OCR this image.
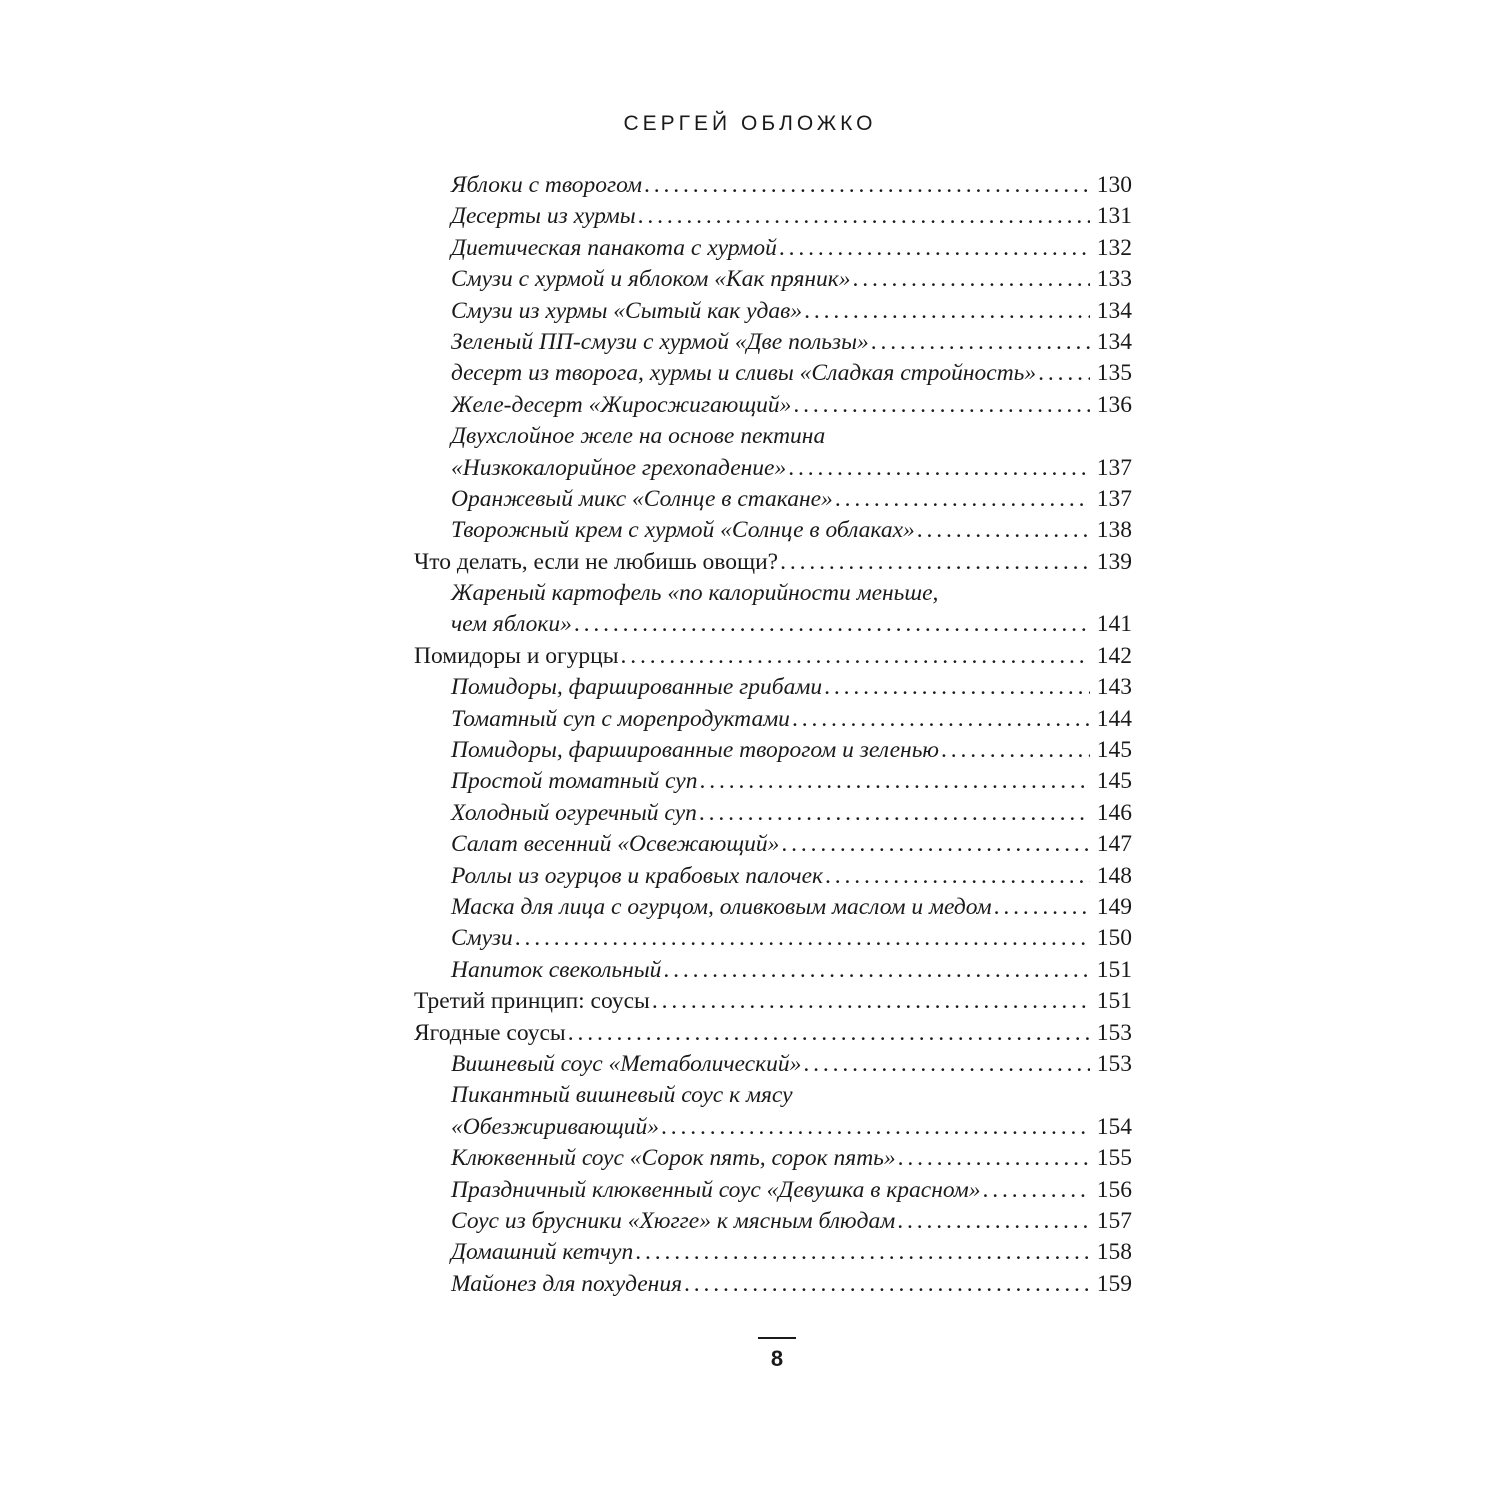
СЕРГЕЙ ОБЛОЖКО
Яблоки с творогом . . .	130
Десерты из хурмы . . .	131
Диетическая панакота с хурмой . . .	132
Смузи с хурмой и яблоком «Как пряник» . . .	133
Смузи из хурмы «Сытый как удав» . . .	134
Зеленый ПП-смузи с хурмой «Две пользы» . . .	134
десерт из творога, хурмы и сливы «Сладкая стройность» . . .	135
Желе-десерт «Жиросжигающий» . . .	136
Двухслойное желе на основе пектина
«Низкокалорийное грехопадение» . . .	137
Оранжевый микс «Солнце в стакане» . . .	137
Творожный крем с хурмой «Солнце в облаках» . . .	138
Что делать, если не любишь овощи? . . .	139
Жареный картофель «по калорийности меньше,
чем яблоки» . . .	141
Помидоры и огурцы . . .	142
Помидоры, фаршированные грибами . . .	143
Томатный суп с морепродуктами . . .	144
Помидоры, фаршированные творогом и зеленью . . .	145
Простой томатный суп . . .	145
Холодный огуречный суп . . .	146
Салат весенний «Освежающий» . . .	147
Роллы из огурцов и крабовых палочек . . .	148
Маска для лица с огурцом, оливковым маслом и медом . . .	149
Смузи . . .	150
Напиток свекольный . . .	151
Третий принцип: соусы . . .	151
Ягодные соусы . . .	153
Вишневый соус «Метаболический» . . .	153
Пикантный вишневый соус к мясу
«Обезжиривающий» . . .	154
Клюквенный соус «Сорок пять, сорок пять» . . .	155
Праздничный клюквенный соус «Девушка в красном» . . .	156
Соус из брусники «Хюгге» к мясным блюдам . . .	157
Домашний кетчуп . . .	158
Майонез для похудения . . .	159
8
